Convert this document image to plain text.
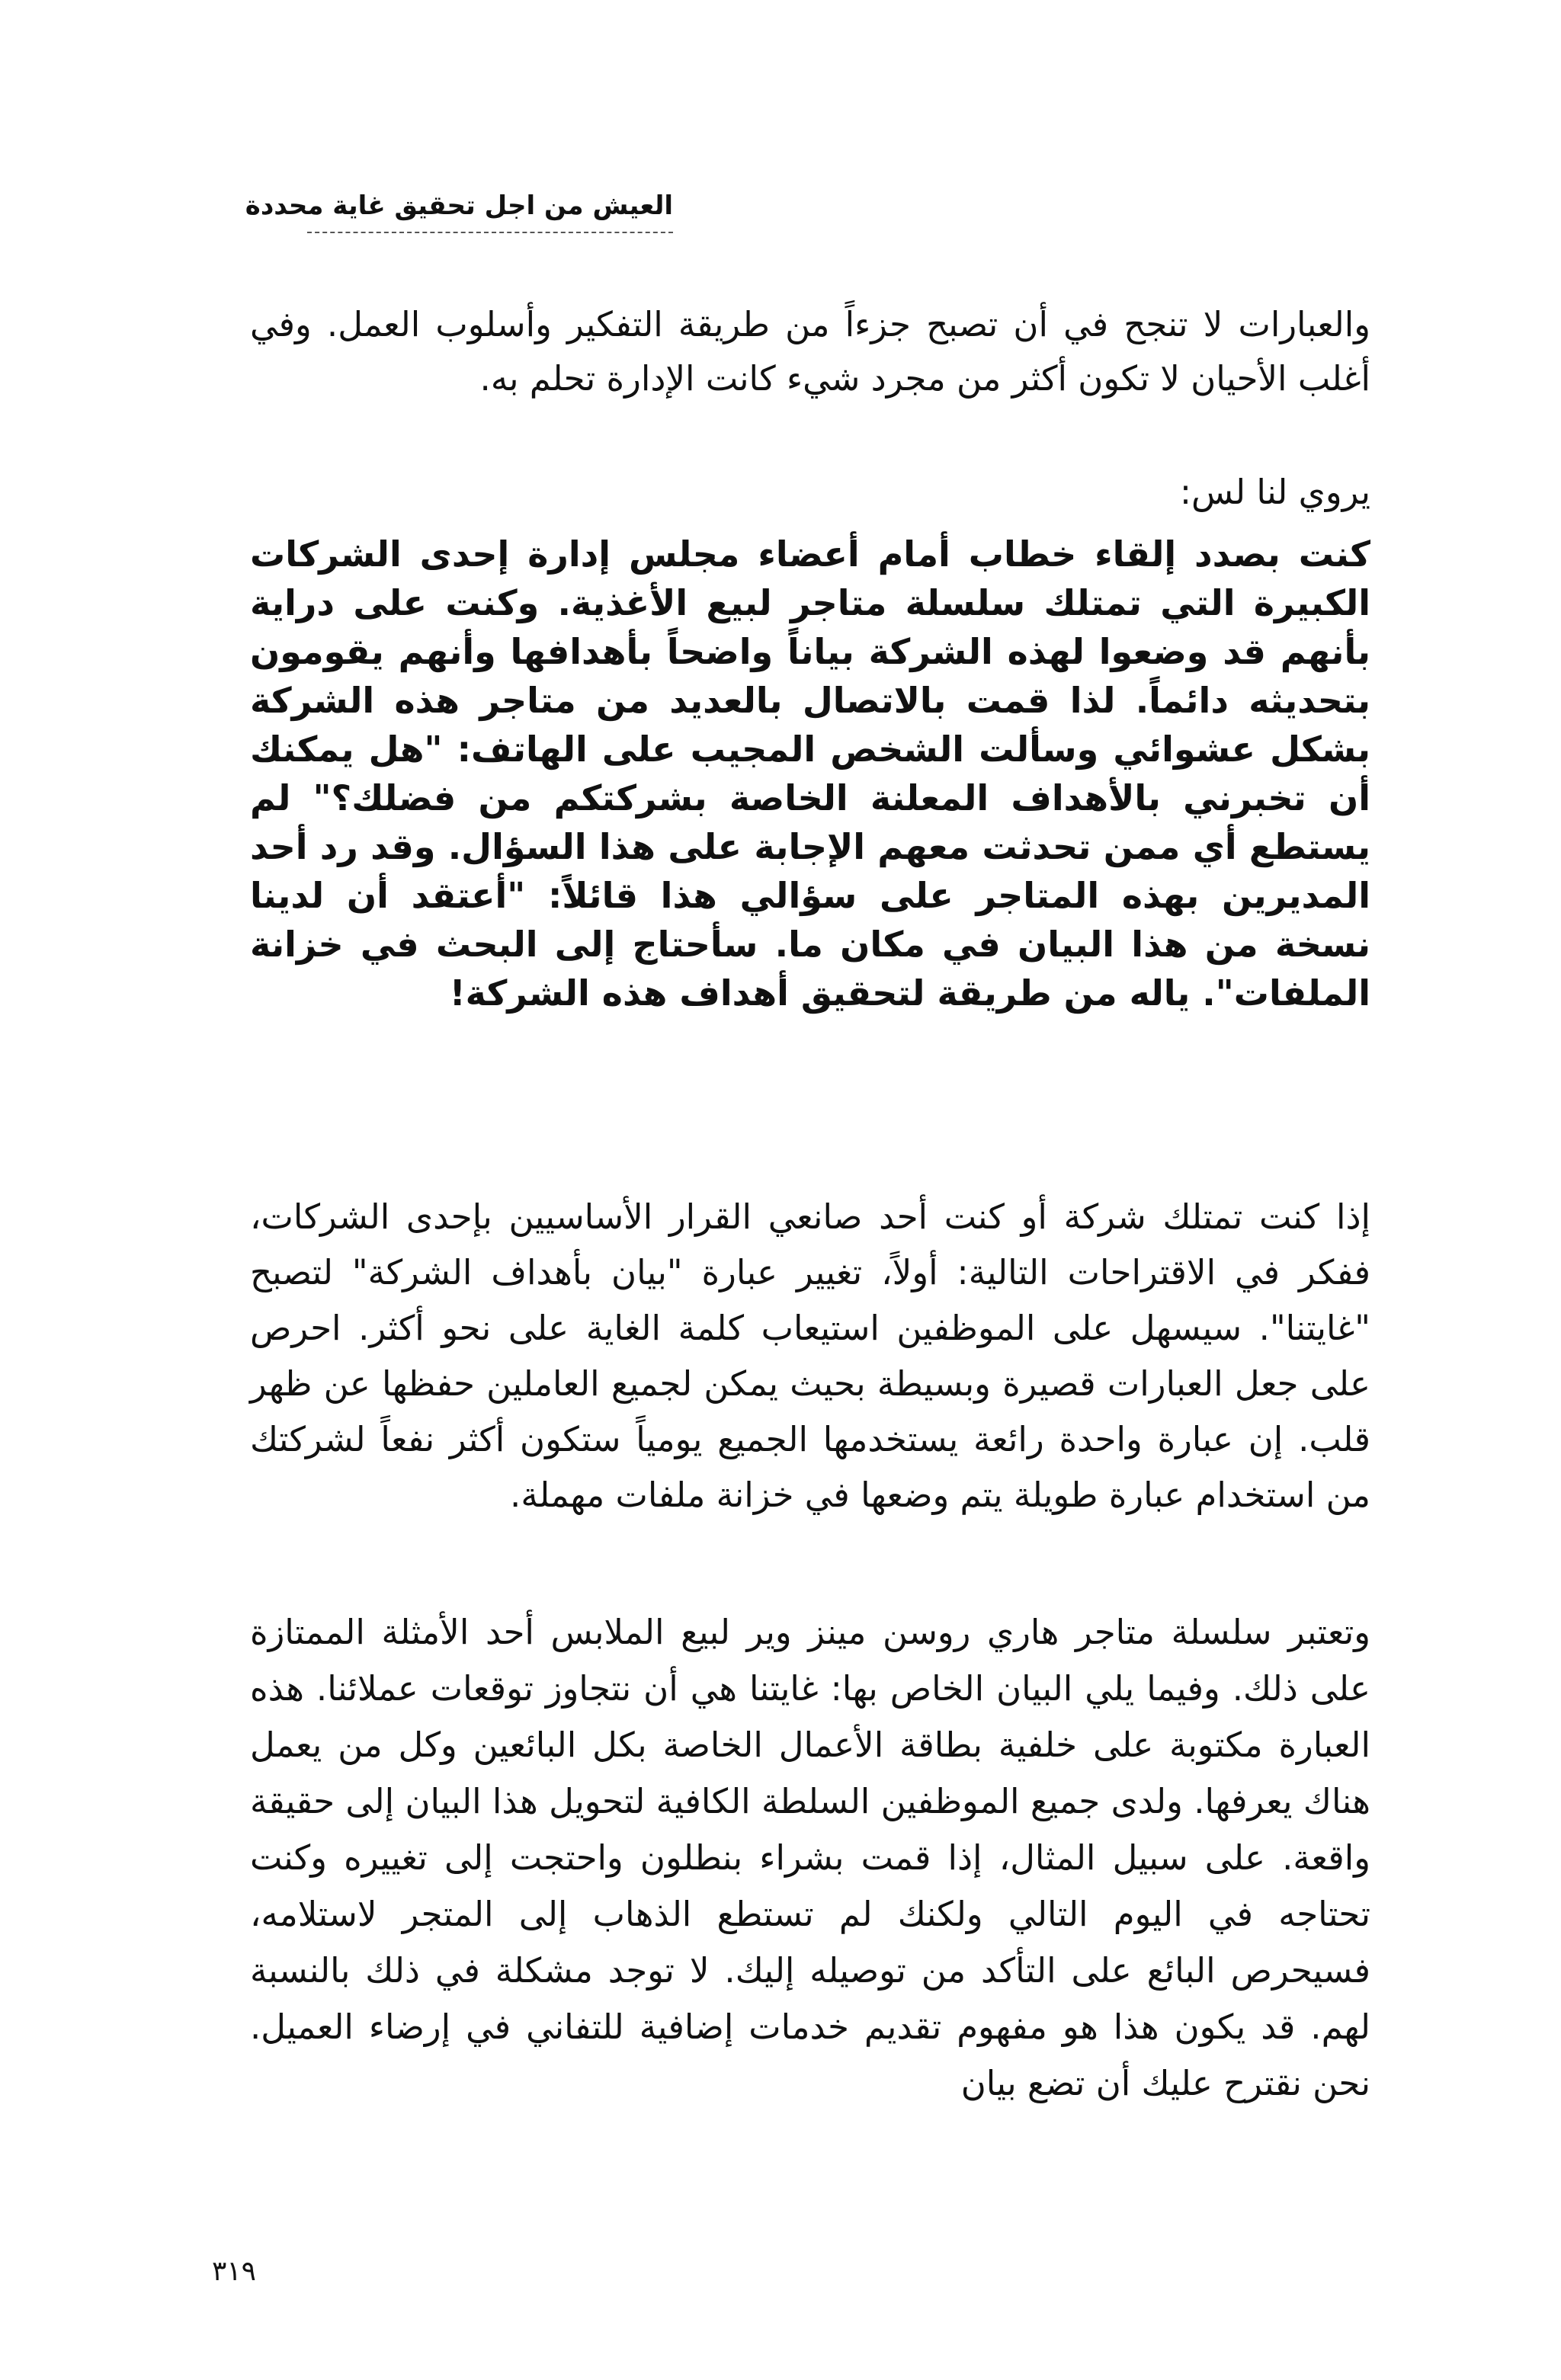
العيش من اجل تحقيق غاية محددة

والعبارات لا تنجح في أن تصبح جزءاً من طريقة التفكير وأسلوب العمل. وفي أغلب الأحيان لا تكون أكثر من مجرد شيء كانت الإدارة تحلم به.

يروي لنا لس:

كنت بصدد إلقاء خطاب أمام أعضاء مجلس إدارة إحدى الشركات الكبيرة التي تمتلك سلسلة متاجر لبيع الأغذية. وكنت على دراية بأنهم قد وضعوا لهذه الشركة بياناً واضحاً بأهدافها وأنهم يقومون بتحديثه دائماً. لذا قمت بالاتصال بالعديد من متاجر هذه الشركة بشكل عشوائي وسألت الشخص المجيب على الهاتف: "هل يمكنك أن تخبرني بالأهداف المعلنة الخاصة بشركتكم من فضلك؟" لم يستطع أي ممن تحدثت معهم الإجابة على هذا السؤال. وقد رد أحد المديرين بهذه المتاجر على سؤالي هذا قائلاً: "أعتقد أن لدينا نسخة من هذا البيان في مكان ما. سأحتاج إلى البحث في خزانة الملفات". ياله من طريقة لتحقيق أهداف هذه الشركة!

إذا كنت تمتلك شركة أو كنت أحد صانعي القرار الأساسيين بإحدى الشركات، ففكر في الاقتراحات التالية: أولاً، تغيير عبارة "بيان بأهداف الشركة" لتصبح "غايتنا". سيسهل على الموظفين استيعاب كلمة الغاية على نحو أكثر. احرص على جعل العبارات قصيرة وبسيطة بحيث يمكن لجميع العاملين حفظها عن ظهر قلب. إن عبارة واحدة رائعة يستخدمها الجميع يومياً ستكون أكثر نفعاً لشركتك من استخدام عبارة طويلة يتم وضعها في خزانة ملفات مهملة.

وتعتبر سلسلة متاجر هاري روسن مينز وير لبيع الملابس أحد الأمثلة الممتازة على ذلك. وفيما يلي البيان الخاص بها: غايتنا هي أن نتجاوز توقعات عملائنا. هذه العبارة مكتوبة على خلفية بطاقة الأعمال الخاصة بكل البائعين وكل من يعمل هناك يعرفها. ولدى جميع الموظفين السلطة الكافية لتحويل هذا البيان إلى حقيقة واقعة. على سبيل المثال، إذا قمت بشراء بنطلون واحتجت إلى تغييره وكنت تحتاجه في اليوم التالي ولكنك لم تستطع الذهاب إلى المتجر لاستلامه، فسيحرص البائع على التأكد من توصيله إليك. لا توجد مشكلة في ذلك بالنسبة لهم. قد يكون هذا هو مفهوم تقديم خدمات إضافية للتفاني في إرضاء العميل. نحن نقترح عليك أن تضع بيان

٣١٩
